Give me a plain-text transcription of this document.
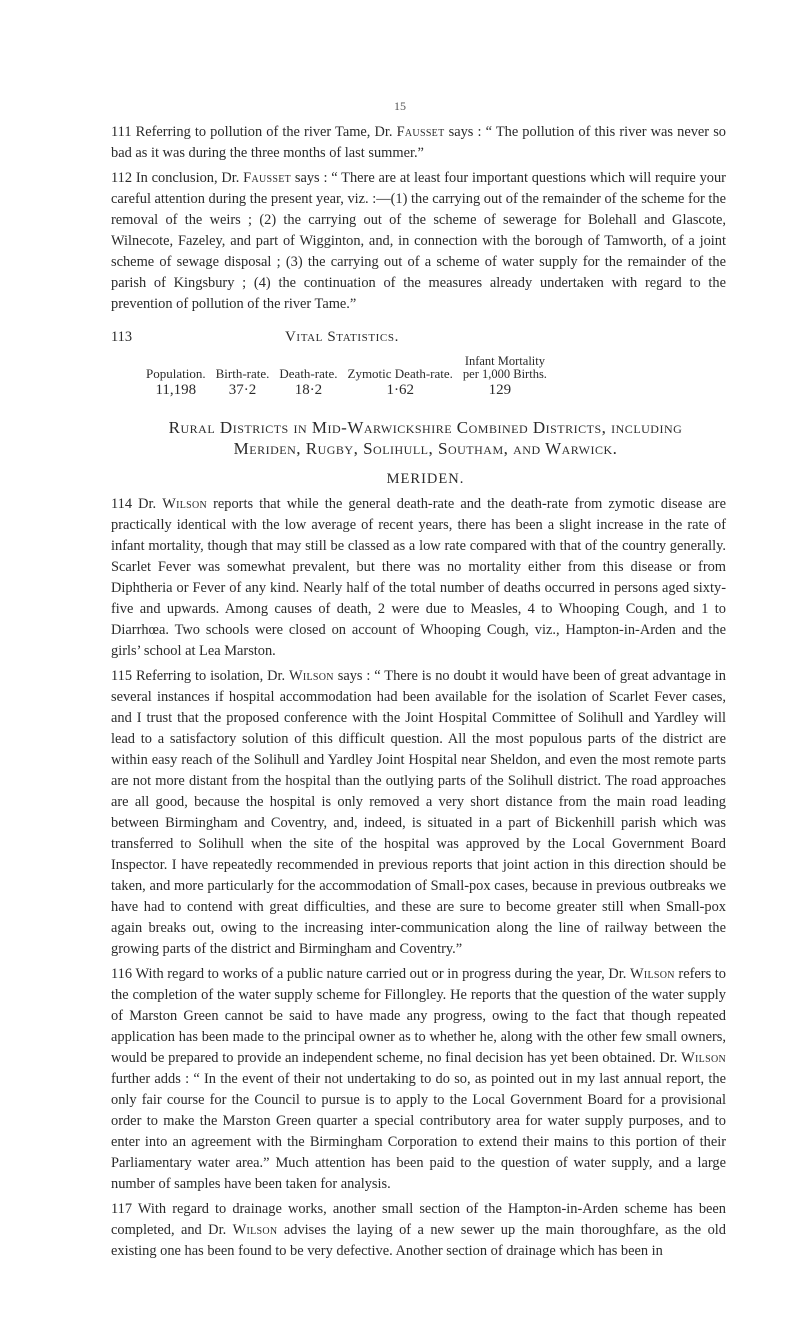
15

111 Referring to pollution of the river Tame, Dr. Fausset says : “ The pollution of this river was never so bad as it was during the three months of last summer.”

112 In conclusion, Dr. Fausset says : “ There are at least four important questions which will require your careful attention during the present year, viz. :—(1) the carrying out of the remainder of the scheme for the removal of the weirs ; (2) the carrying out of the scheme of sewerage for Bolehall and Glascote, Wilnecote, Fazeley, and part of Wigginton, and, in connection with the borough of Tamworth, of a joint scheme of sewage disposal ; (3) the carrying out of a scheme of water supply for the remainder of the parish of Kingsbury ; (4) the continuation of the measures already undertaken with regard to the prevention of pollution of the river Tame.”

113	Vital Statistics.
Population.	Birth-rate.	Death-rate.	Zymotic Death-rate.	Infant Mortality
per 1,000 Births.
11,198	37·2	18·2	1·62	129
Rural Districts in Mid-Warwickshire Combined Districts, including
Meriden, Rugby, Solihull, Southam, and Warwick.
MERIDEN.

114 Dr. Wilson reports that while the general death-rate and the death-rate from zymotic disease are practically identical with the low average of recent years, there has been a slight increase in the rate of infant mortality, though that may still be classed as a low rate compared with that of the country generally. Scarlet Fever was somewhat prevalent, but there was no mortality either from this disease or from Diphtheria or Fever of any kind. Nearly half of the total number of deaths occurred in persons aged sixty-five and upwards. Among causes of death, 2 were due to Measles, 4 to Whooping Cough, and 1 to Diarrhœa. Two schools were closed on account of Whooping Cough, viz., Hampton-in-Arden and the girls’ school at Lea Marston.

115 Referring to isolation, Dr. Wilson says : “ There is no doubt it would have been of great advantage in several instances if hospital accommodation had been available for the isolation of Scarlet Fever cases, and I trust that the proposed conference with the Joint Hospital Committee of Solihull and Yardley will lead to a satisfactory solution of this difficult question. All the most populous parts of the district are within easy reach of the Solihull and Yardley Joint Hospital near Sheldon, and even the most remote parts are not more distant from the hospital than the outlying parts of the Solihull district. The road approaches are all good, because the hospital is only removed a very short distance from the main road leading between Birmingham and Coventry, and, indeed, is situated in a part of Bickenhill parish which was transferred to Solihull when the site of the hospital was approved by the Local Government Board Inspector. I have repeatedly recommended in previous reports that joint action in this direction should be taken, and more particularly for the accommodation of Small-pox cases, because in previous outbreaks we have had to contend with great difficulties, and these are sure to become greater still when Small-pox again breaks out, owing to the increasing inter-communication along the line of railway between the growing parts of the district and Birmingham and Coventry.”

116 With regard to works of a public nature carried out or in progress during the year, Dr. Wilson refers to the completion of the water supply scheme for Fillongley. He reports that the question of the water supply of Marston Green cannot be said to have made any progress, owing to the fact that though repeated application has been made to the principal owner as to whether he, along with the other few small owners, would be prepared to provide an independent scheme, no final decision has yet been obtained. Dr. Wilson further adds : “ In the event of their not undertaking to do so, as pointed out in my last annual report, the only fair course for the Council to pursue is to apply to the Local Government Board for a provisional order to make the Marston Green quarter a special contributory area for water supply purposes, and to enter into an agreement with the Birmingham Corporation to extend their mains to this portion of their Parliamentary water area.” Much attention has been paid to the question of water supply, and a large number of samples have been taken for analysis.

117 With regard to drainage works, another small section of the Hampton-in-Arden scheme has been completed, and Dr. Wilson advises the laying of a new sewer up the main thoroughfare, as the old existing one has been found to be very defective. Another section of drainage which has been in
